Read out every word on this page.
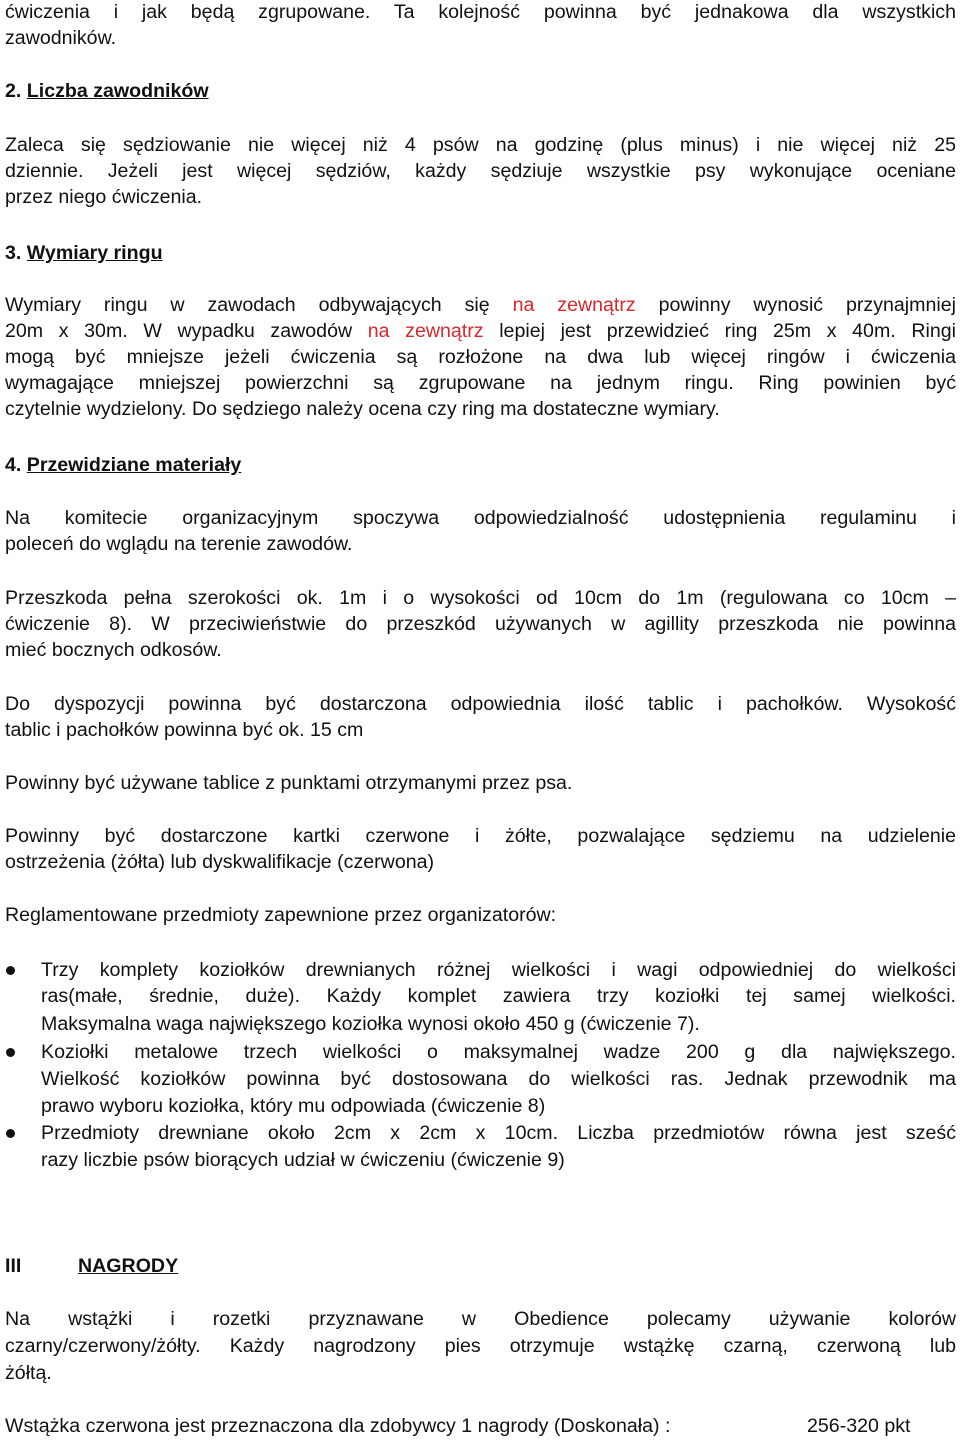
ćwiczenia i jak będą zgrupowane. Ta kolejność powinna być jednakowa dla wszystkich
zawodników.
2. Liczba zawodników
Zaleca się sędziowanie nie więcej niż 4 psów na godzinę (plus minus) i nie więcej niż 25
dziennie. Jeżeli jest więcej sędziów, każdy sędziuje wszystkie psy wykonujące oceniane
przez niego ćwiczenia.
3. Wymiary ringu
Wymiary ringu w zawodach odbywających się na zewnątrz powinny wynosić przynajmniej
20m x 30m. W wypadku zawodów na zewnątrz lepiej jest przewidzieć ring 25m x 40m. Ringi
mogą być mniejsze jeżeli ćwiczenia są rozłożone na dwa lub więcej ringów i ćwiczenia
wymagające mniejszej powierzchni są zgrupowane na jednym ringu. Ring powinien być
czytelnie wydzielony. Do sędziego należy ocena czy ring ma dostateczne wymiary.
4. Przewidziane materiały
Na komitecie organizacyjnym spoczywa odpowiedzialność udostępnienia regulaminu i
poleceń do wglądu na terenie zawodów.
Przeszkoda pełna szerokości ok. 1m i o wysokości od 10cm do 1m (regulowana co 10cm –
ćwiczenie 8). W przeciwieństwie do przeszkód używanych w agillity przeszkoda nie powinna
mieć bocznych odkosów.
Do dyspozycji powinna być dostarczona odpowiednia ilość tablic i pachołków. Wysokość
tablic i pachołków powinna być ok. 15 cm
Powinny być używane tablice z punktami otrzymanymi przez psa.
Powinny być dostarczone kartki czerwone i żółte, pozwalające sędziemu na udzielenie
ostrzeżenia (żółta) lub dyskwalifikacje (czerwona)
Reglamentowane przedmioty zapewnione przez organizatorów:
Trzy komplety koziołków drewnianych różnej wielkości i wagi odpowiedniej do wielkości
ras(małe, średnie, duże). Każdy komplet zawiera trzy koziołki tej samej wielkości.
Maksymalna waga największego koziołka wynosi około 450 g (ćwiczenie 7).
Koziołki metalowe trzech wielkości o maksymalnej wadze 200 g dla największego.
Wielkość koziołków powinna być dostosowana do wielkości ras. Jednak przewodnik ma
prawo wyboru koziołka, który mu odpowiada (ćwiczenie 8)
Przedmioty drewniane około 2cm x 2cm x 10cm. Liczba przedmiotów równa jest sześć
razy liczbie psów biorących udział w ćwiczeniu (ćwiczenie 9)
III	NAGRODY
Na wstążki i rozetki przyznawane w Obedience polecamy używanie kolorów
czarny/czerwony/żółty. Każdy nagrodzony pies otrzymuje wstążkę czarną, czerwoną lub
żółtą.
Wstążka czerwona jest przeznaczona dla zdobywcy 1 nagrody (Doskonała) :	256-320 pkt
